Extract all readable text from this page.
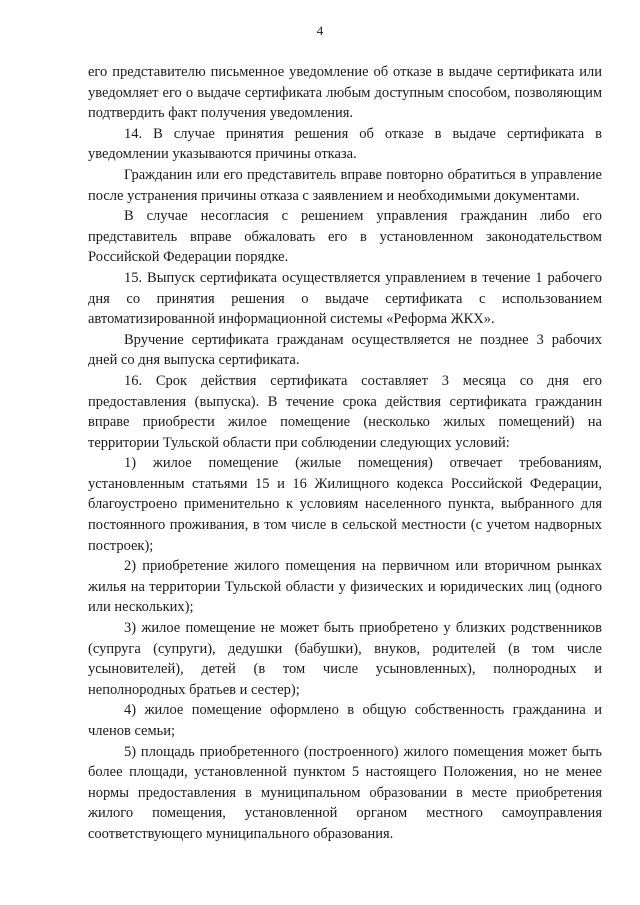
4

его представителю письменное уведомление об отказе в выдаче сертификата или уведомляет его о выдаче сертификата любым доступным способом, позволяющим подтвердить факт получения уведомления.

14. В случае принятия решения об отказе в выдаче сертификата в уведомлении указываются причины отказа.

Гражданин или его представитель вправе повторно обратиться в управление после устранения причины отказа с заявлением и необходимыми документами.

В случае несогласия с решением управления гражданин либо его представитель вправе обжаловать его в установленном законодательством Российской Федерации порядке.

15. Выпуск сертификата осуществляется управлением в течение 1 рабочего дня со принятия решения о выдаче сертификата с использованием автоматизированной информационной системы «Реформа ЖКХ».

Вручение сертификата гражданам осуществляется не позднее 3 рабочих дней со дня выпуска сертификата.

16. Срок действия сертификата составляет 3 месяца со дня его предоставления (выпуска). В течение срока действия сертификата гражданин вправе приобрести жилое помещение (несколько жилых помещений) на территории Тульской области при соблюдении следующих условий:

1) жилое помещение (жилые помещения) отвечает требованиям, установленным статьями 15 и 16 Жилищного кодекса Российской Федерации, благоустроено применительно к условиям населенного пункта, выбранного для постоянного проживания, в том числе в сельской местности (с учетом надворных построек);

2) приобретение жилого помещения на первичном или вторичном рынках жилья на территории Тульской области у физических и юридических лиц (одного или нескольких);

3) жилое помещение не может быть приобретено у близких родственников (супруга (супруги), дедушки (бабушки), внуков, родителей (в том числе усыновителей), детей (в том числе усыновленных), полнородных и неполнородных братьев и сестер);

4) жилое помещение оформлено в общую собственность гражданина и членов семьи;

5) площадь приобретенного (построенного) жилого помещения может быть более площади, установленной пунктом 5 настоящего Положения, но не менее нормы предоставления в муниципальном образовании в месте приобретения жилого помещения, установленной органом местного самоуправления соответствующего муниципального образования.
